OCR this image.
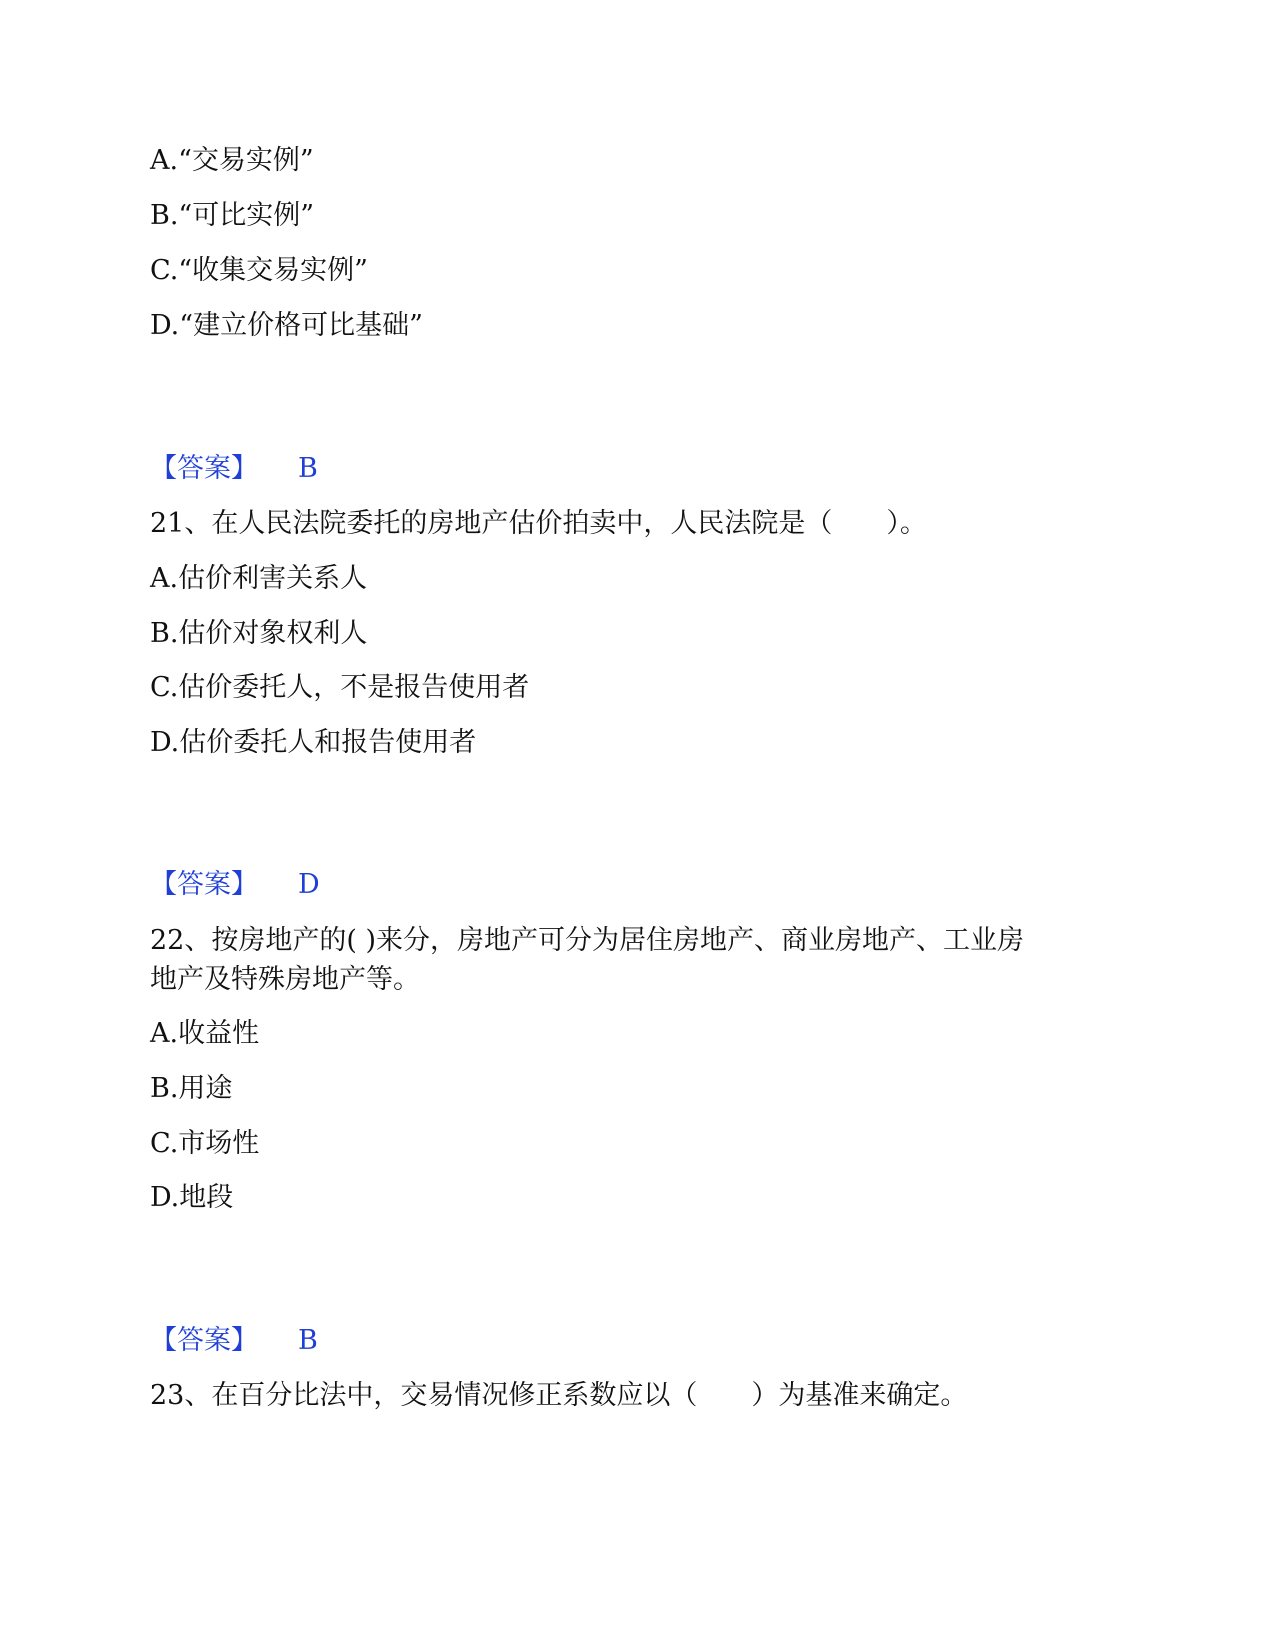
A.“交易实例”
B.“可比实例”
C.“收集交易实例”
D.“建立价格可比基础”
【答案】 B
21、在人民法院委托的房地产估价拍卖中，人民法院是（　　）。
A.估价利害关系人
B.估价对象权利人
C.估价委托人，不是报告使用者
D.估价委托人和报告使用者
【答案】 D
22、按房地产的( )来分，房地产可分为居住房地产、商业房地产、工业房
地产及特殊房地产等。
A.收益性
B.用途
C.市场性
D.地段
【答案】 B
23、在百分比法中，交易情况修正系数应以（　　）为基准来确定。
